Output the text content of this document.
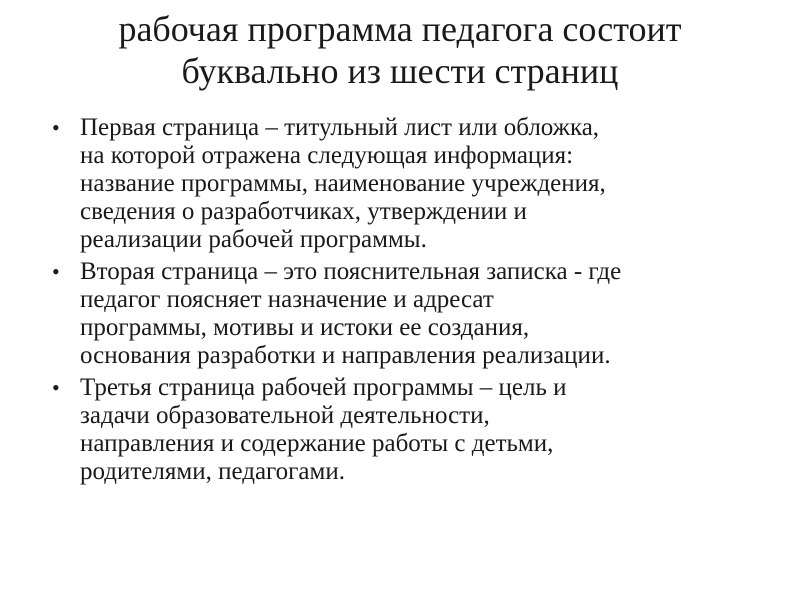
рабочая программа педагога состоит
буквально из шести страниц
• Первая страница – титульный лист или обложка,
на которой отражена следующая информация:
название программы, наименование учреждения,
сведения о разработчиках, утверждении и
реализации рабочей программы.
• Вторая страница – это пояснительная записка - где
педагог поясняет назначение и адресат
программы, мотивы и истоки ее создания,
основания разработки и направления реализации.
• Третья страница рабочей программы – цель и
задачи образовательной деятельности,
направления и содержание работы с детьми,
родителями, педагогами.
